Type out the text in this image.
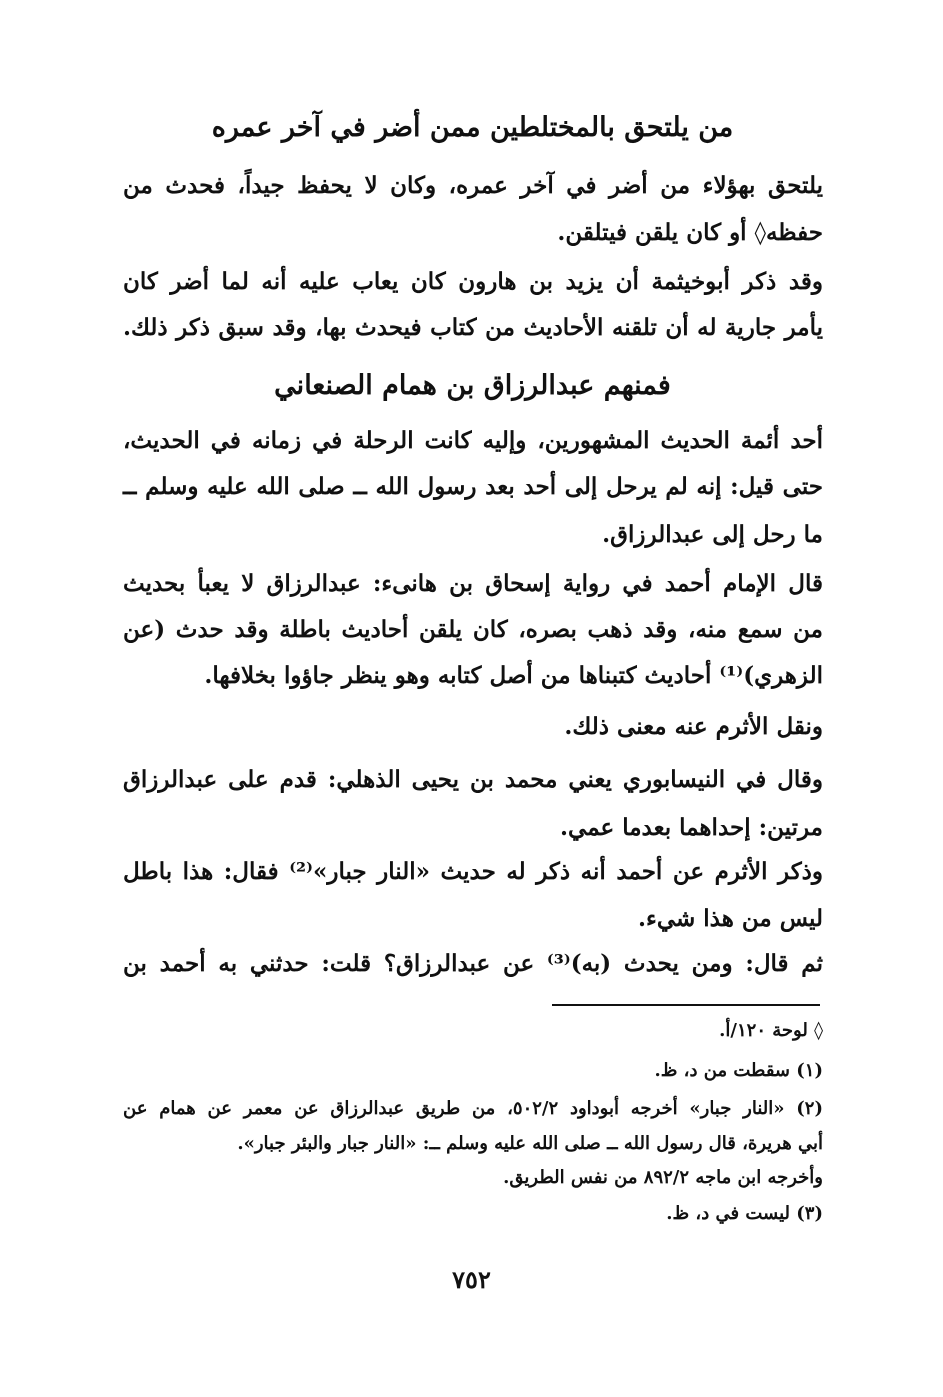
من يلتحق بالمختلطين ممن أضر في آخر عمره
يلتحق بهؤلاء من أضر في آخر عمره، وكان لا يحفظ جيداً، فحدث من
حفظه◊ أو كان يلقن فيتلقن.
وقد ذكر أبوخيثمة أن يزيد بن هارون كان يعاب عليه أنه لما أضر كان
يأمر جارية له أن تلقنه الأحاديث من كتاب فيحدث بها، وقد سبق ذكر ذلك.
فمنهم عبدالرزاق بن همام الصنعاني
أحد أئمة الحديث المشهورين، وإليه كانت الرحلة في زمانه في الحديث،
حتى قيل: إنه لم يرحل إلى أحد بعد رسول الله ــ صلى الله عليه وسلم ــ
ما رحل إلى عبدالرزاق.
قال الإمام أحمد في رواية إسحاق بن هانىء: عبدالرزاق لا يعبأ بحديث
من سمع منه، وقد ذهب بصره، كان يلقن أحاديث باطلة وقد حدث (عن
الزهري)⁽¹⁾ أحاديث كتبناها من أصل كتابه وهو ينظر جاؤوا بخلافها.
ونقل الأثرم عنه معنى ذلك.
وقال في النيسابوري يعني محمد بن يحيى الذهلي: قدم على عبدالرزاق
مرتين: إحداهما بعدما عمي.
وذكر الأثرم عن أحمد أنه ذكر له حديث «النار جبار»⁽²⁾ فقال: هذا باطل
ليس من هذا شيء.
ثم قال: ومن يحدث (به)⁽³⁾ عن عبدالرزاق؟ قلت: حدثني به أحمد بن
◊ لوحة ١٢٠/أ.
(١) سقطت من د، ظ.
(٢) «النار جبار» أخرجه أبوداود ٥٠٢/٢، من طريق عبدالرزاق عن معمر عن همام عن
أبي هريرة، قال رسول الله ــ صلى الله عليه وسلم ــ: «النار جبار والبئر جبار».
وأخرجه ابن ماجه ٨٩٢/٢ من نفس الطريق.
(٣) ليست في د، ظ.
٧٥٢
